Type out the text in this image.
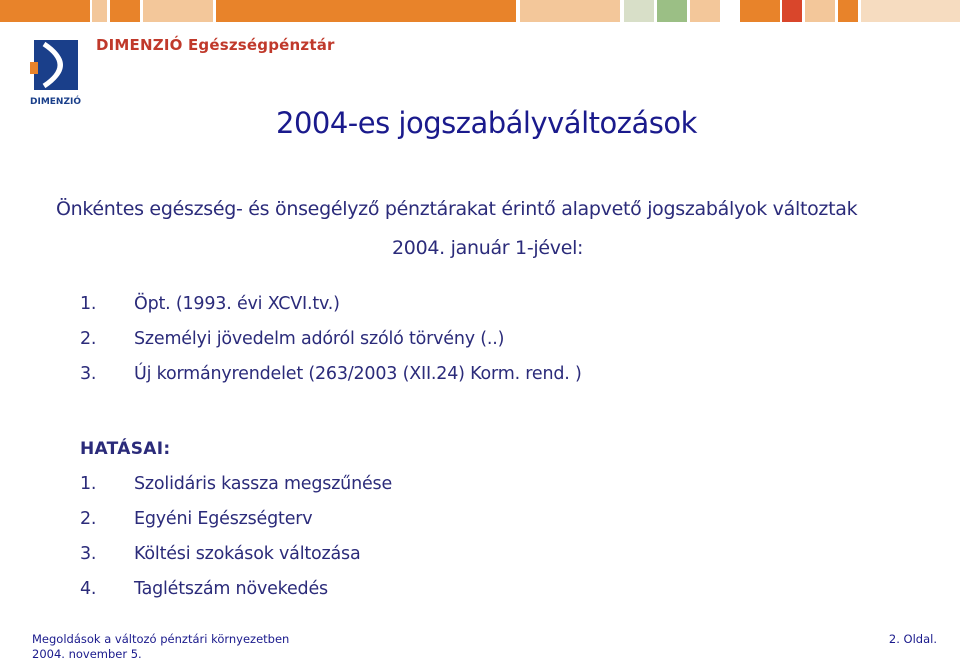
DIMENZIÓ
DIMENZIÓ Egészségpénztár
2004-es jogszabályváltozások
Önkéntes egészség- és önsegélyző pénztárakat érintő alapvető jogszabályok változtak
2004. január 1-jével:
1. Öpt. (1993. évi XCVI.tv.)
2. Személyi jövedelm adóról szóló törvény (..)
3. Új kormányrendelet (263/2003 (XII.24) Korm. rend. )
HATÁSAI:
1. Szolidáris kassza megszűnése
2. Egyéni Egészségterv
3. Költési szokások változása
4. Taglétszám növekedés
Megoldások a változó pénztári környezetben
2004. november 5.
2. Oldal.
